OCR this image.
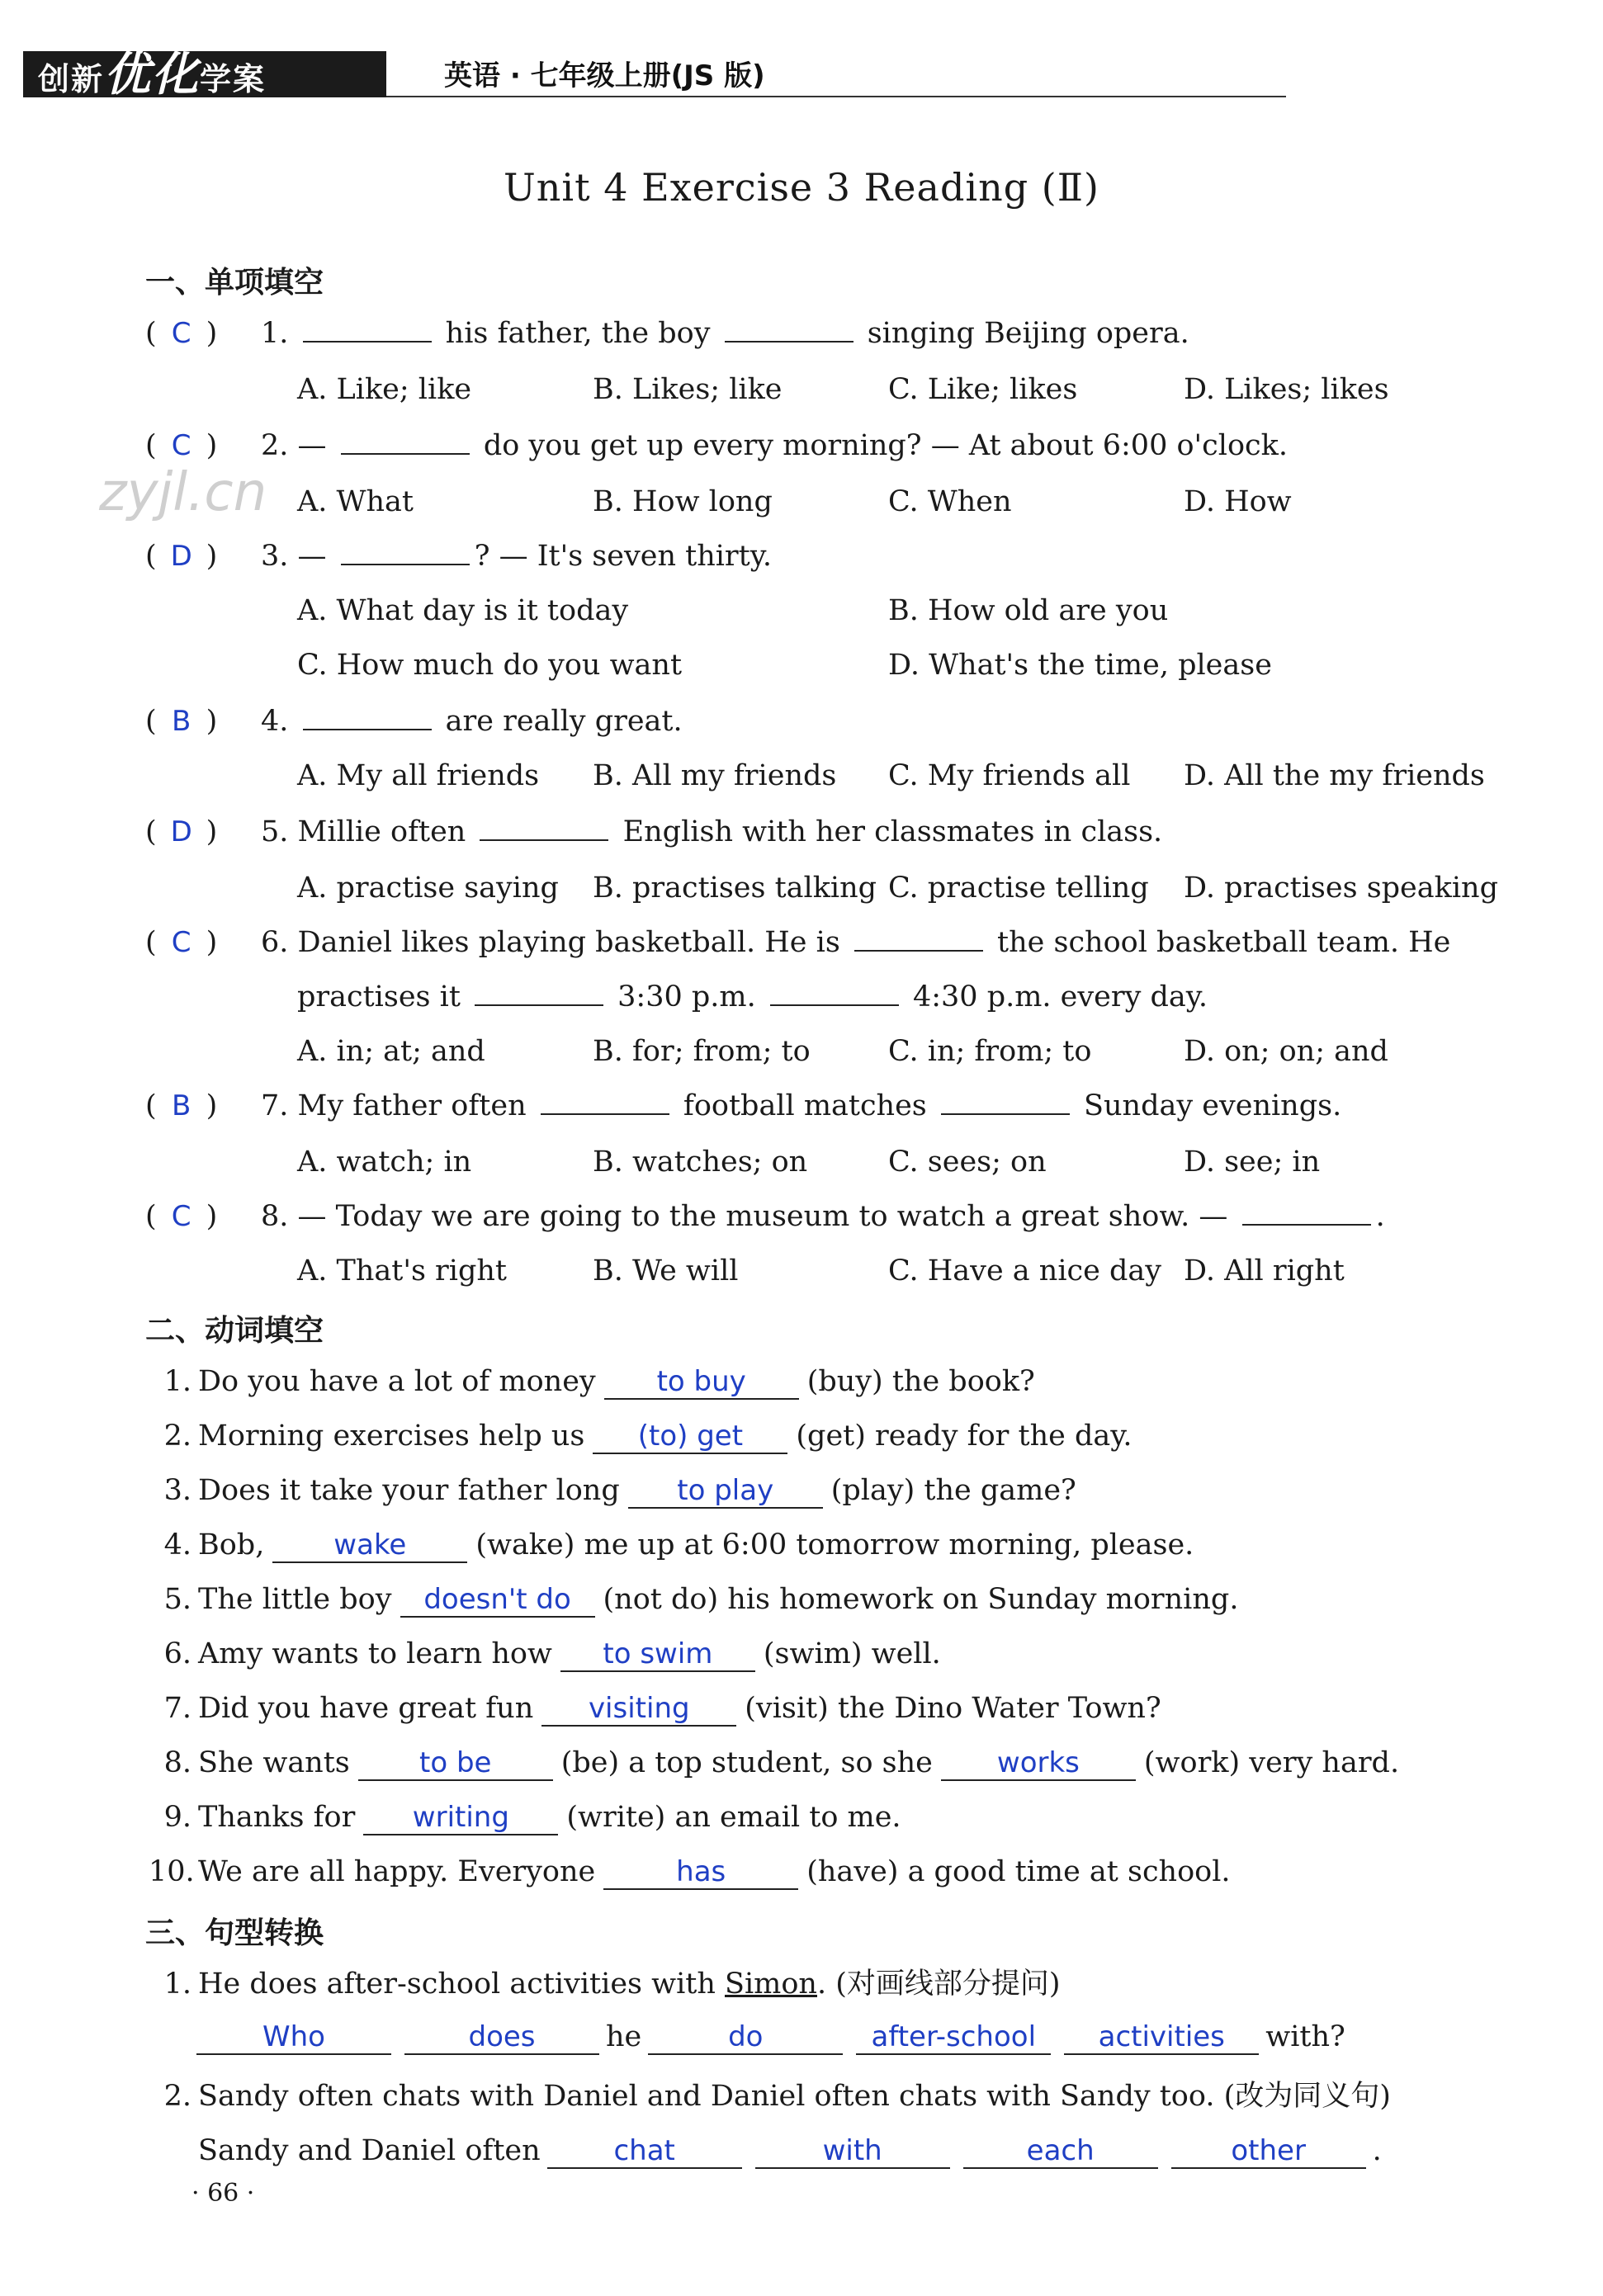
创新优化学案	英语 · 七年级上册(JS 版)
zyjl.cn
Unit 4 Exercise 3 Reading (Ⅱ)
一、单项填空
( C ) 1.	his father, the boy	singing Beijing opera.
A. Like; like	B. Likes; like	C. Like; likes	D. Likes; likes
( C ) 2. —	do you get up every morning? — At about 6:00 o'clock.
A. What	B. How long	C. When	D. How
( D ) 3. —	? — It's seven thirty.
A. What day is it today	B. How old are you
C. How much do you want	D. What's the time, please
( B ) 4.	are really great.
A. My all friends B. All my friends C. My friends all D. All the my friends
( D ) 5. Millie often	English with her classmates in class.
A. practise saying B. practises talking C. practise telling D. practises speaking
( C ) 6. Daniel likes playing basketball. He is	the school basketball team. He
practises it	3:30 p.m.	4:30 p.m. every day.
A. in; at; and	B. for; from; to	C. in; from; to	D. on; on; and
( B ) 7. My father often	football matches	Sunday evenings.
A. watch; in	B. watches; on	C. sees; on	D. see; in
( C ) 8. — Today we are going to the museum to watch a great show. —	.
A. That's right	B. We will	C. Have a nice day D. All right
二、动词填空
1. Do you have a lot of money to buy (buy) the book?
2. Morning exercises help us (to) get (get) ready for the day.
3. Does it take your father long to play (play) the game?
4. Bob, wake (wake) me up at 6:00 tomorrow morning, please.
5. The little boy doesn't do (not do) his homework on Sunday morning.
6. Amy wants to learn how to swim (swim) well.
7. Did you have great fun visiting (visit) the Dino Water Town?
8. She wants to be (be) a top student, so she works (work) very hard.
9. Thanks for writing (write) an email to me.
10. We are all happy. Everyone	has	(have) a good time at school.
三、句型转换
1. He does after-school activities with Simon. (对画线部分提问)
Who	does he	do	after-school activities with?
2. Sandy often chats with Daniel and Daniel often chats with Sandy too. (改为同义句)
Sandy and Daniel often	chat	with	each	other .
· 66 ·
